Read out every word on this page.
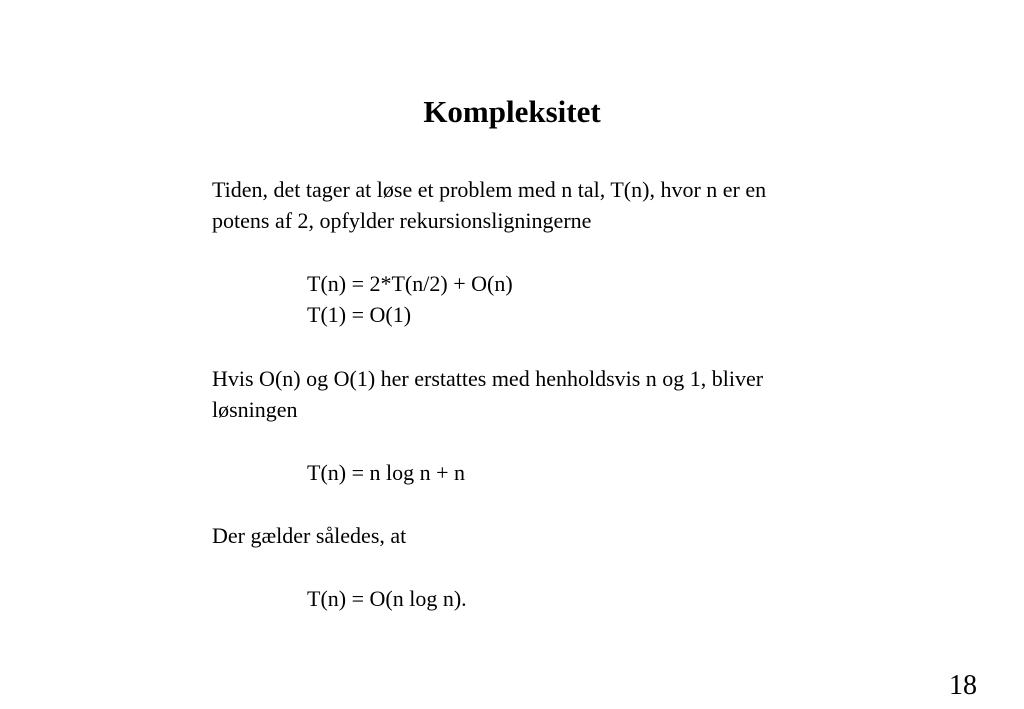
Kompleksitet

Tiden, det tager at løse et problem med n tal, T(n), hvor n er en

potens af 2, opfylder rekursionsligningerne

T(n) = 2*T(n/2) + O(n)

T(1) = O(1)

Hvis O(n) og O(1) her erstattes med henholdsvis n og 1, bliver

løsningen

T(n) = n log n + n

Der gælder således, at

T(n) = O(n log n).

18
